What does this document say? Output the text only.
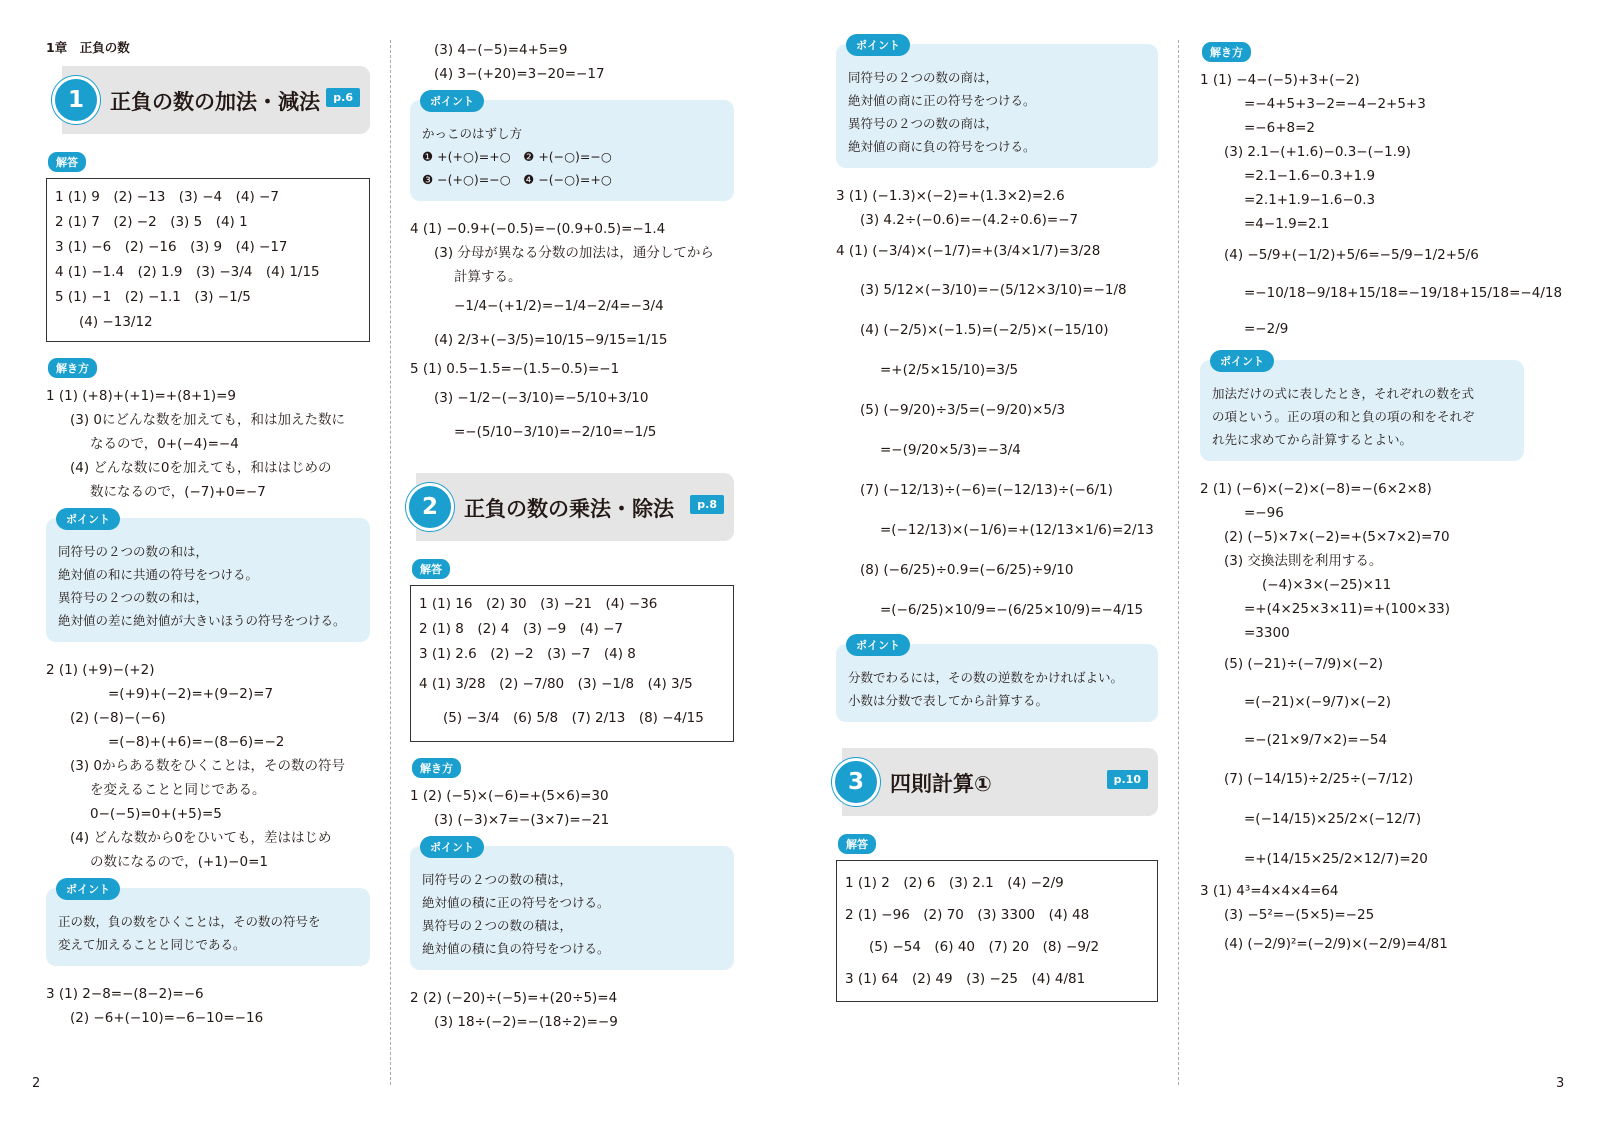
1章　正負の数
1	正負の数の加法・減法	p.6
解答
1 (1) 9　(2) −13　(3) −4　(4) −7
2 (1) 7　(2) −2　(3) 5　(4) 1
3 (1) −6　(2) −16　(3) 9　(4) −17
4 (1) −1.4　(2) 1.9　(3) −3/4　(4) 1/15
5 (1) −1　(2) −1.1　(3) −1/5
(4) −13/12
解き方
1 (1) (+8)+(+1)=+(8+1)=9
(3) 0にどんな数を加えても，和は加えた数に
なるので，0+(−4)=−4
(4) どんな数に0を加えても，和ははじめの
数になるので，(−7)+0=−7
ポイント
同符号の２つの数の和は，
絶対値の和に共通の符号をつける。
異符号の２つの数の和は，
絶対値の差に絶対値が大きいほうの符号をつける。
2 (1) (+9)−(+2)
=(+9)+(−2)=+(9−2)=7
(2) (−8)−(−6)
=(−8)+(+6)=−(8−6)=−2
(3) 0からある数をひくことは，その数の符号
を変えることと同じである。
0−(−5)=0+(+5)=5
(4) どんな数から0をひいても，差ははじめ
の数になるので，(+1)−0=1
ポイント
正の数，負の数をひくことは，その数の符号を
変えて加えることと同じである。
3 (1) 2−8=−(8−2)=−6
(2) −6+(−10)=−6−10=−16
(3) 4−(−5)=4+5=9
(4) 3−(+20)=3−20=−17
ポイント
かっこのはずし方
❶ +(+○)=+○　❷ +(−○)=−○
❸ −(+○)=−○　❹ −(−○)=+○
4 (1) −0.9+(−0.5)=−(0.9+0.5)=−1.4
(3) 分母が異なる分数の加法は，通分してから
計算する。
−1/4−(+1/2)=−1/4−2/4=−3/4
(4) 2/3+(−3/5)=10/15−9/15=1/15
5 (1) 0.5−1.5=−(1.5−0.5)=−1
(3) −1/2−(−3/10)=−5/10+3/10
=−(5/10−3/10)=−2/10=−1/5
2	正負の数の乗法・除法	p.8
解答
1 (1) 16　(2) 30　(3) −21　(4) −36
2 (1) 8　(2) 4　(3) −9　(4) −7
3 (1) 2.6　(2) −2　(3) −7　(4) 8
4 (1) 3/28　(2) −7/80　(3) −1/8　(4) 3/5
(5) −3/4　(6) 5/8　(7) 2/13　(8) −4/15
解き方
1 (2) (−5)×(−6)=+(5×6)=30
(3) (−3)×7=−(3×7)=−21
ポイント
同符号の２つの数の積は，
絶対値の積に正の符号をつける。
異符号の２つの数の積は，
絶対値の積に負の符号をつける。
2 (2) (−20)÷(−5)=+(20÷5)=4
(3) 18÷(−2)=−(18÷2)=−9
ポイント
同符号の２つの数の商は，
絶対値の商に正の符号をつける。
異符号の２つの数の商は，
絶対値の商に負の符号をつける。
3 (1) (−1.3)×(−2)=+(1.3×2)=2.6
(3) 4.2÷(−0.6)=−(4.2÷0.6)=−7
4 (1) (−3/4)×(−1/7)=+(3/4×1/7)=3/28
(3) 5/12×(−3/10)=−(5/12×3/10)=−1/8
(4) (−2/5)×(−1.5)=(−2/5)×(−15/10)
=+(2/5×15/10)=3/5
(5) (−9/20)÷3/5=(−9/20)×5/3
=−(9/20×5/3)=−3/4
(7) (−12/13)÷(−6)=(−12/13)÷(−6/1)
=(−12/13)×(−1/6)=+(12/13×1/6)=2/13
(8) (−6/25)÷0.9=(−6/25)÷9/10
=(−6/25)×10/9=−(6/25×10/9)=−4/15
ポイント
分数でわるには，その数の逆数をかければよい。
小数は分数で表してから計算する。
3	四則計算①	p.10
解答
1 (1) 2　(2) 6　(3) 2.1　(4) −2/9
2 (1) −96　(2) 70　(3) 3300　(4) 48
(5) −54　(6) 40　(7) 20　(8) −9/2
3 (1) 64　(2) 49　(3) −25　(4) 4/81
解き方
1 (1) −4−(−5)+3+(−2)
=−4+5+3−2=−4−2+5+3
=−6+8=2
(3) 2.1−(+1.6)−0.3−(−1.9)
=2.1−1.6−0.3+1.9
=2.1+1.9−1.6−0.3
=4−1.9=2.1
(4) −5/9+(−1/2)+5/6=−5/9−1/2+5/6
=−10/18−9/18+15/18=−19/18+15/18=−4/18
=−2/9
ポイント
加法だけの式に表したとき，それぞれの数を式
の項という。正の項の和と負の項の和をそれぞ
れ先に求めてから計算するとよい。
2 (1) (−6)×(−2)×(−8)=−(6×2×8)
=−96
(2) (−5)×7×(−2)=+(5×7×2)=70
(3) 交換法則を利用する。
(−4)×3×(−25)×11
=+(4×25×3×11)=+(100×33)
=3300
(5) (−21)÷(−7/9)×(−2)
=(−21)×(−9/7)×(−2)
=−(21×9/7×2)=−54
(7) (−14/15)÷2/25÷(−7/12)
=(−14/15)×25/2×(−12/7)
=+(14/15×25/2×12/7)=20
3 (1) 4³=4×4×4=64
(3) −5²=−(5×5)=−25
(4) (−2/9)²=(−2/9)×(−2/9)=4/81
2	3
